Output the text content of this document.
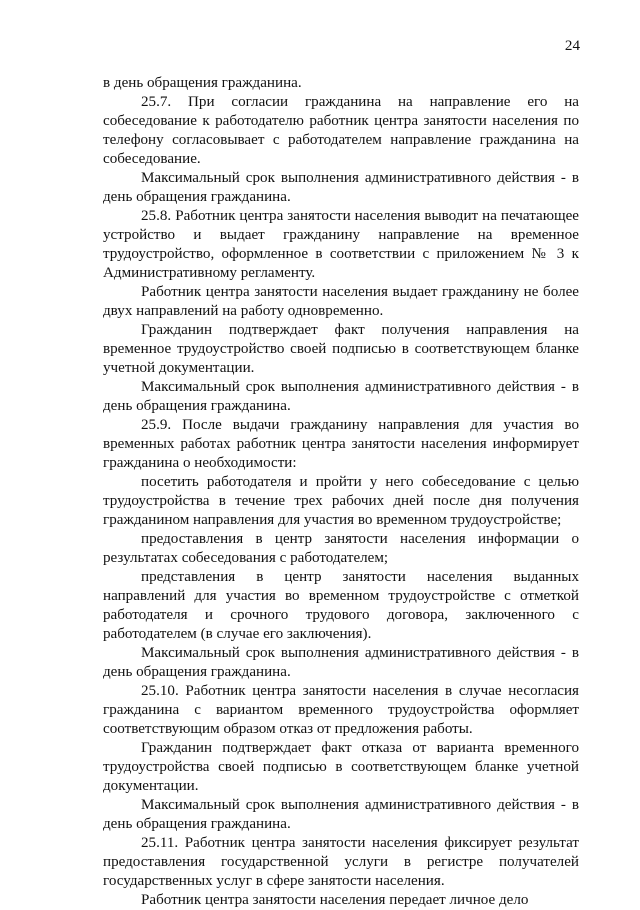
24

в день обращения гражданина.

25.7. При согласии гражданина на направление его на собеседование к работодателю работник центра занятости населения по телефону согласовывает с работодателем направление гражданина на собеседование.

Максимальный срок выполнения административного действия - в день обращения гражданина.

25.8. Работник центра занятости населения выводит на печатающее устройство и выдает гражданину направление на временное трудоустройство, оформленное в соответствии с приложением № 3 к Административному регламенту.

Работник центра занятости населения выдает гражданину не более двух направлений на работу одновременно.

Гражданин подтверждает факт получения направления на временное трудоустройство своей подписью в соответствующем бланке учетной документации.

Максимальный срок выполнения административного действия - в день обращения гражданина.

25.9. После выдачи гражданину направления для участия во временных работах работник центра занятости населения информирует гражданина о необходимости:

посетить работодателя и пройти у него собеседование с целью трудоустройства в течение трех рабочих дней после дня получения гражданином направления для участия во временном трудоустройстве;

предоставления в центр занятости населения информации о результатах собеседования с работодателем;

представления в центр занятости населения выданных направлений для участия во временном трудоустройстве с отметкой работодателя и срочного трудового договора, заключенного с работодателем (в случае его заключения).

Максимальный срок выполнения административного действия - в день обращения гражданина.

25.10. Работник центра занятости населения в случае несогласия гражданина с вариантом временного трудоустройства оформляет соответствующим образом отказ от предложения работы.

Гражданин подтверждает факт отказа от варианта временного трудоустройства своей подписью в соответствующем бланке учетной документации.

Максимальный срок выполнения административного действия - в день обращения гражданина.

25.11. Работник центра занятости населения фиксирует результат предоставления государственной услуги в регистре получателей государственных услуг в сфере занятости населения.

Работник центра занятости населения передает личное дело
